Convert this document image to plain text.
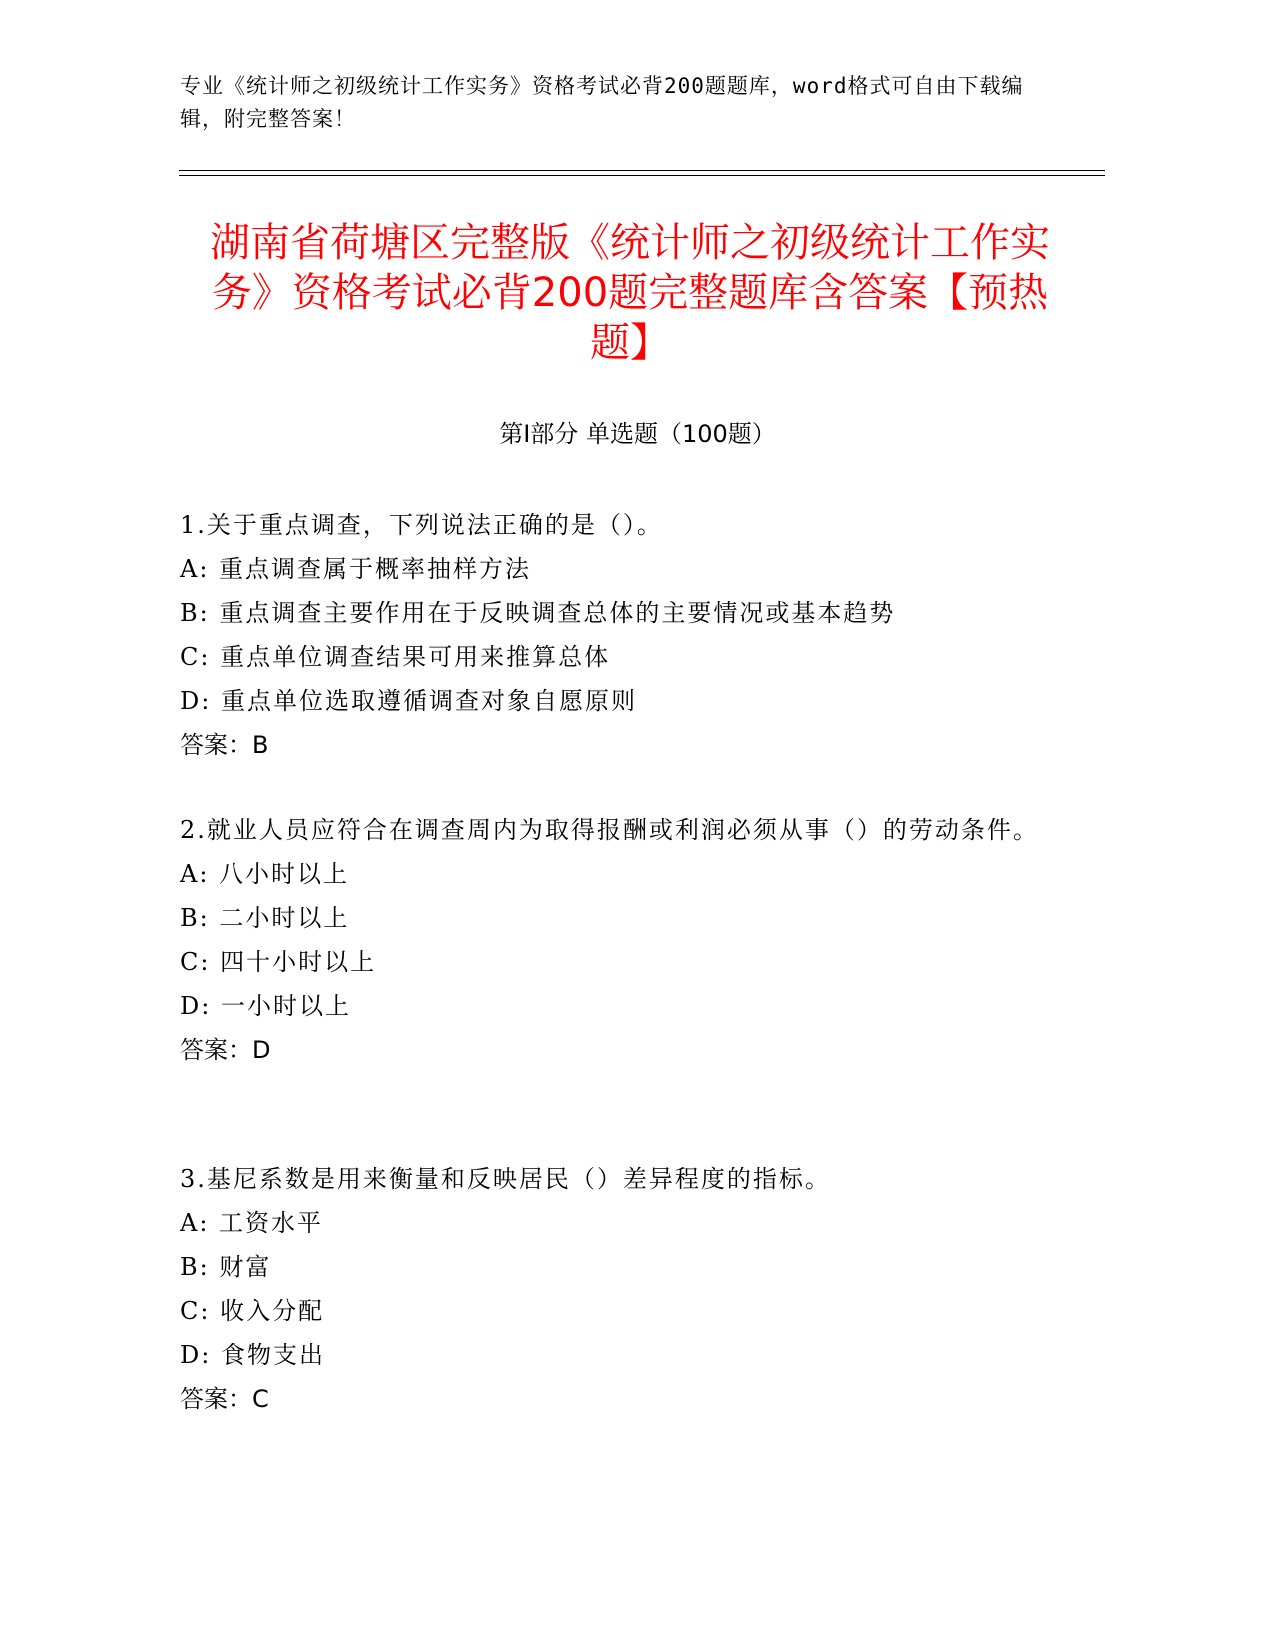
专业《统计师之初级统计工作实务》资格考试必背200题题库，word格式可自由下载编辑，附完整答案！
湖南省荷塘区完整版《统计师之初级统计工作实务》资格考试必背200题完整题库含答案【预热题】
第I部分 单选题（100题）
1.关于重点调查，下列说法正确的是（）。
A: 重点调查属于概率抽样方法
B: 重点调查主要作用在于反映调查总体的主要情况或基本趋势
C: 重点单位调查结果可用来推算总体
D: 重点单位选取遵循调查对象自愿原则
答案：B
2.就业人员应符合在调查周内为取得报酬或利润必须从事（）的劳动条件。
A: 八小时以上
B: 二小时以上
C: 四十小时以上
D: 一小时以上
答案：D
3.基尼系数是用来衡量和反映居民（）差异程度的指标。
A: 工资水平
B: 财富
C: 收入分配
D: 食物支出
答案：C
